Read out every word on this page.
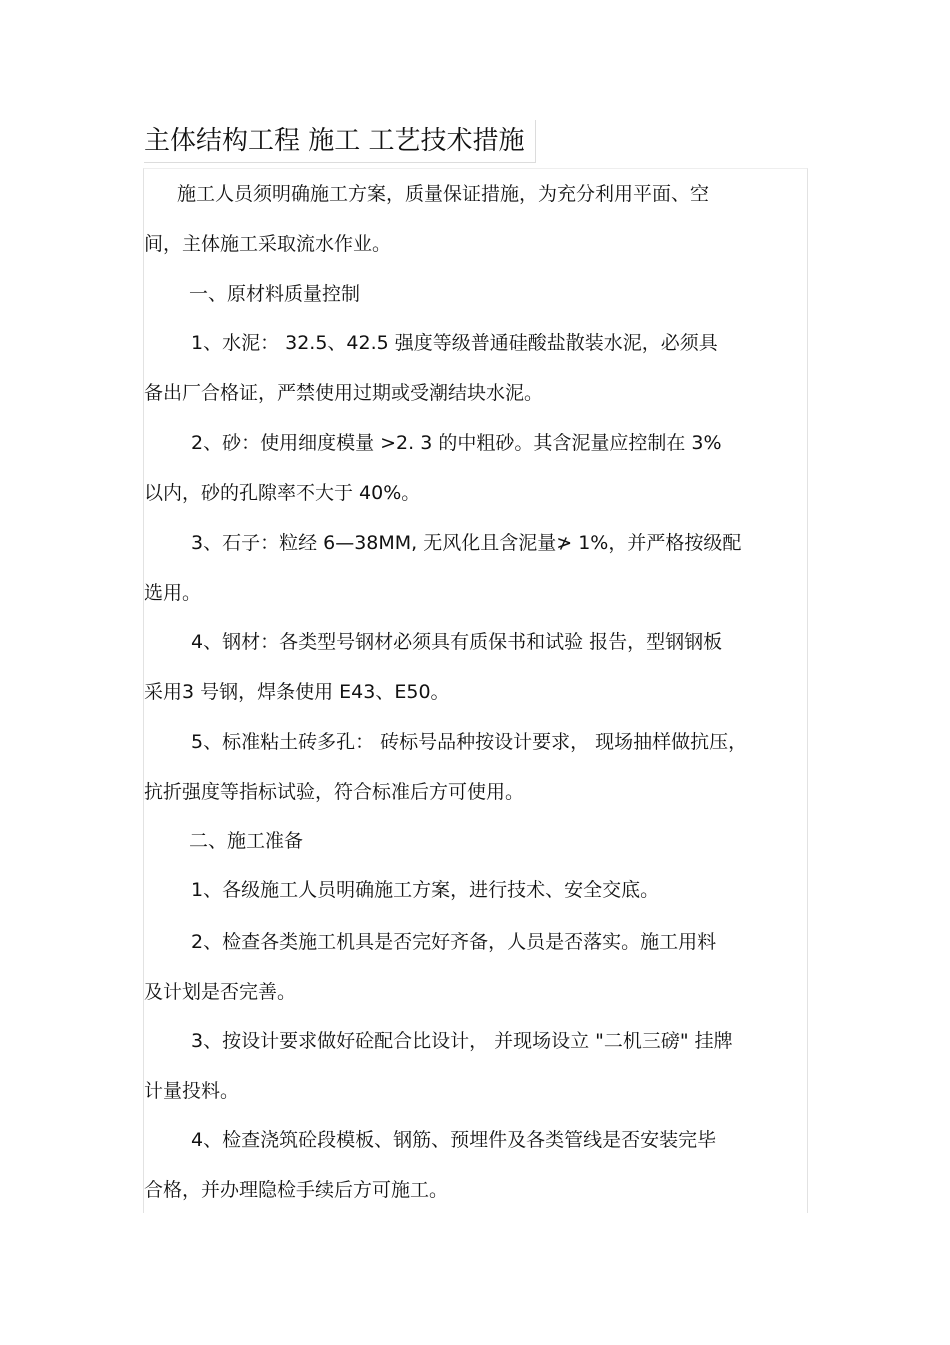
主体结构工程 施工 工艺技术措施
施工人员须明确施工方案，质量保证措施，为充分利用平面、空
间，主体施工采取流水作业。
一、原材料质量控制
1、水泥： 32.5、42.5 强度等级普通硅酸盐散装水泥，必须具
备出厂合格证，严禁使用过期或受潮结块水泥。
2、砂：使用细度模量 >2. 3 的中粗砂。其含泥量应控制在 3%
以内，砂的孔隙率不大于 40%。
3、石子：粒经 6—38MM, 无风化且含泥量≯ 1%，并严格按级配
选用。
4、钢材：各类型号钢材必须具有质保书和试验 报告，型钢钢板
采用3 号钢，焊条使用 E43、E50。
5、标准粘土砖多孔： 砖标号品种按设计要求， 现场抽样做抗压，
抗折强度等指标试验，符合标准后方可使用。
二、施工准备
1、各级施工人员明确施工方案，进行技术、安全交底。
2、检查各类施工机具是否完好齐备，人员是否落实。施工用料
及计划是否完善。
3、按设计要求做好砼配合比设计， 并现场设立 "二机三磅" 挂牌
计量投料。
4、检查浇筑砼段模板、钢筋、预埋件及各类管线是否安装完毕
合格，并办理隐检手续后方可施工。
